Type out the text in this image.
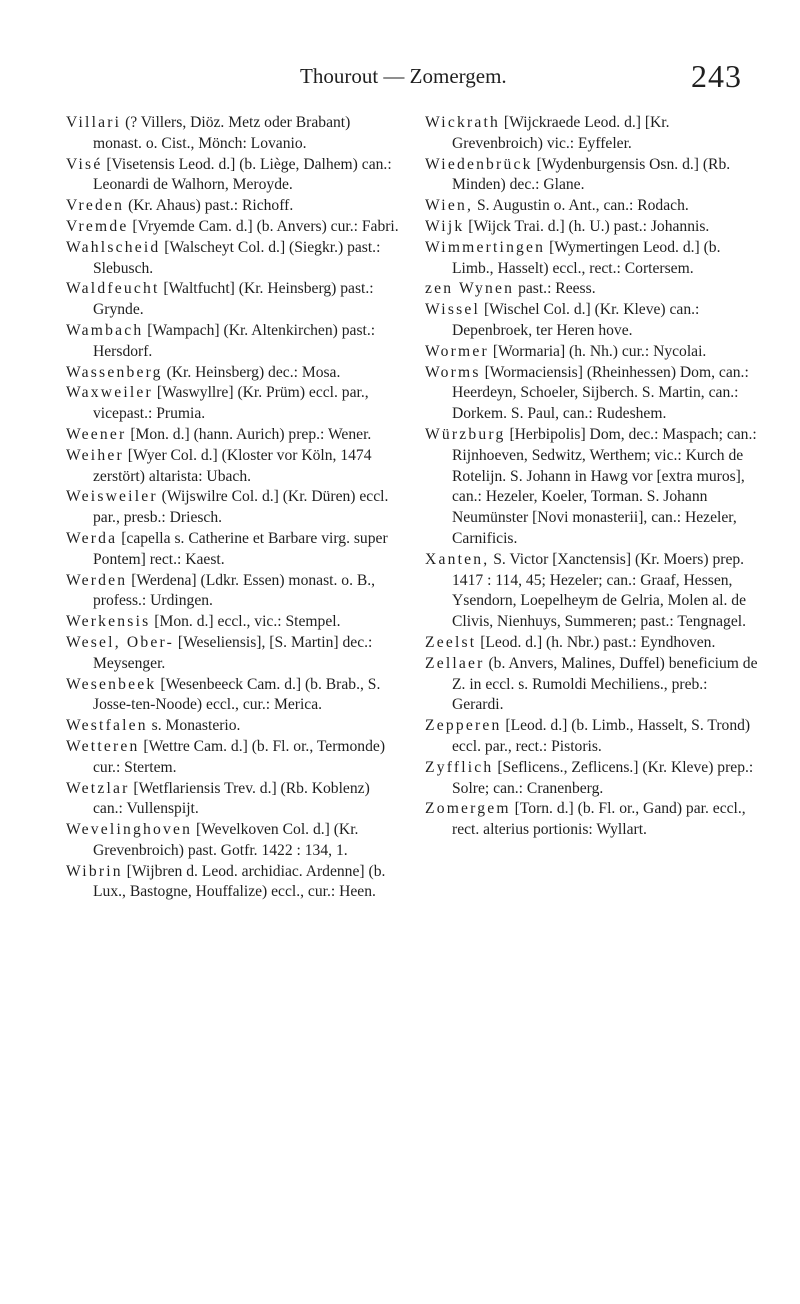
Thourout — Zomergem.	243

Villari (? Villers, Diöz. Metz oder Brabant) monast. o. Cist., Mönch: Lovanio.

Visé [Visetensis Leod. d.] (b. Liège, Dalhem) can.: Leonardi de Walhorn, Meroyde.

Vreden (Kr. Ahaus) past.: Richoff.

Vremde [Vryemde Cam. d.] (b. Anvers) cur.: Fabri.

Wahlscheid [Walscheyt Col. d.] (Siegkr.) past.: Slebusch.

Waldfeucht [Waltfucht] (Kr. Heinsberg) past.: Grynde.

Wambach [Wampach] (Kr. Altenkirchen) past.: Hersdorf.

Wassenberg (Kr. Heinsberg) dec.: Mosa.

Waxweiler [Waswyllre] (Kr. Prüm) eccl. par., vicepast.: Prumia.

Weener [Mon. d.] (hann. Aurich) prep.: Wener.

Weiher [Wyer Col. d.] (Kloster vor Köln, 1474 zerstört) altarista: Ubach.

Weisweiler (Wijswilre Col. d.] (Kr. Düren) eccl. par., presb.: Driesch.

Werda [capella s. Catherine et Barbare virg. super Pontem] rect.: Kaest.

Werden [Werdena] (Ldkr. Essen) monast. o. B., profess.: Urdingen.

Werkensis [Mon. d.] eccl., vic.: Stempel.

Wesel, Ober- [Weseliensis], [S. Martin] dec.: Meysenger.

Wesenbeek [Wesenbeeck Cam. d.] (b. Brab., S. Josse-ten-Noode) eccl., cur.: Merica.

Westfalen s. Monasterio.

Wetteren [Wettre Cam. d.] (b. Fl. or., Termonde) cur.: Stertem.

Wetzlar [Wetflariensis Trev. d.] (Rb. Koblenz) can.: Vullenspijt.

Wevelinghoven [Wevelkoven Col. d.] (Kr. Grevenbroich) past. Gotfr. 1422 : 134, 1.

Wibrin [Wijbren d. Leod. archidiac. Ardenne] (b. Lux., Bastogne, Houffalize) eccl., cur.: Heen.

Wickrath [Wijckraede Leod. d.] [Kr. Grevenbroich) vic.: Eyffeler.

Wiedenbrück [Wydenburgensis Osn. d.] (Rb. Minden) dec.: Glane.

Wien, S. Augustin o. Ant., can.: Rodach.

Wijk [Wijck Trai. d.] (h. U.) past.: Johannis.

Wimmertingen [Wymertingen Leod. d.] (b. Limb., Hasselt) eccl., rect.: Cortersem.

zen Wynen past.: Reess.

Wissel [Wischel Col. d.] (Kr. Kleve) can.: Depenbroek, ter Heren hove.

Wormer [Wormaria] (h. Nh.) cur.: Nycolai.

Worms [Wormaciensis] (Rheinhessen) Dom, can.: Heerdeyn, Schoeler, Sijberch. S. Martin, can.: Dorkem. S. Paul, can.: Rudeshem.

Würzburg [Herbipolis] Dom, dec.: Maspach; can.: Rijnhoeven, Sedwitz, Werthem; vic.: Kurch de Rotelijn. S. Johann in Hawg vor [extra muros], can.: Hezeler, Koeler, Torman. S. Johann Neumünster [Novi monasterii], can.: Hezeler, Carnificis.

Xanten, S. Victor [Xanctensis] (Kr. Moers) prep. 1417 : 114, 45; Hezeler; can.: Graaf, Hessen, Ysendorn, Loepelheym de Gelria, Molen al. de Clivis, Nienhuys, Summeren; past.: Tengnagel.

Zeelst [Leod. d.] (h. Nbr.) past.: Eyndhoven.

Zellaer (b. Anvers, Malines, Duffel) beneficium de Z. in eccl. s. Rumoldi Mechiliens., preb.: Gerardi.

Zepperen [Leod. d.] (b. Limb., Hasselt, S. Trond) eccl. par., rect.: Pistoris.

Zyfflich [Seflicens., Zeflicens.] (Kr. Kleve) prep.: Solre; can.: Cranenberg.

Zomergem [Torn. d.] (b. Fl. or., Gand) par. eccl., rect. alterius portionis: Wyllart.
